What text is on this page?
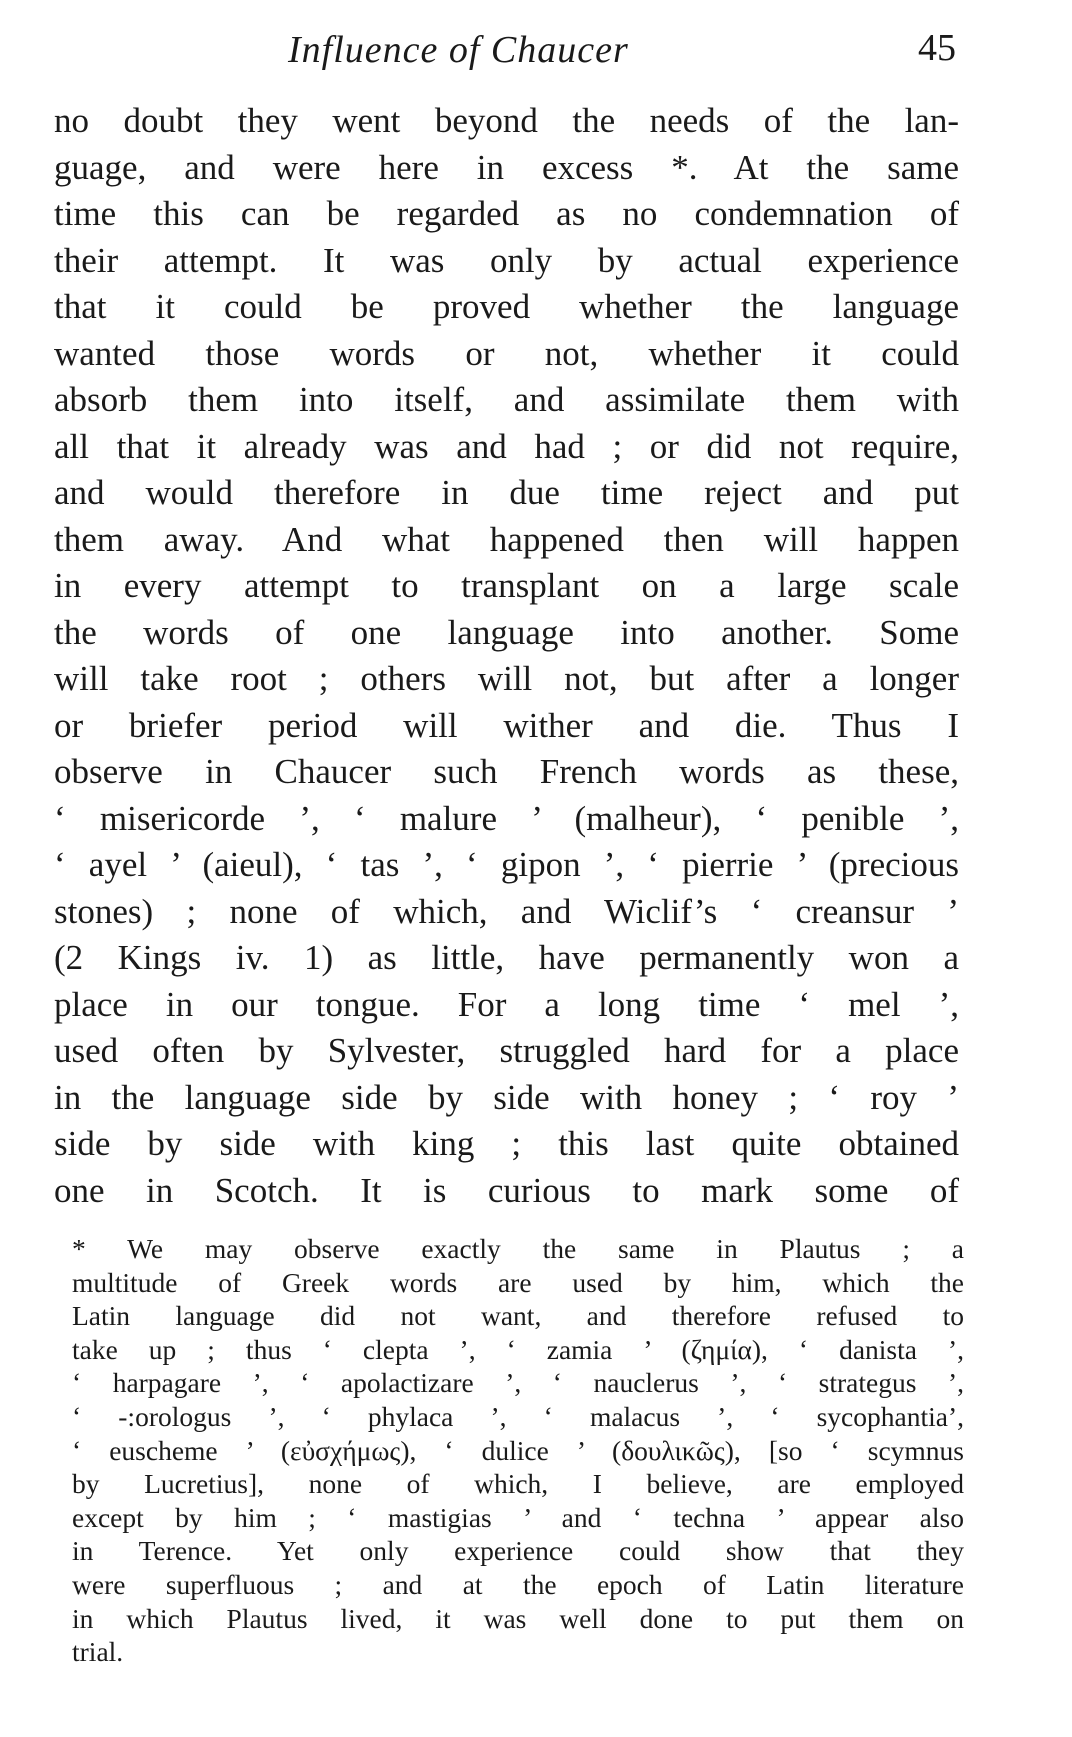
Influence of Chaucer	45
no doubt they went beyond the needs of the lan-
guage, and were here in excess *. At the same
time this can be regarded as no condemnation of
their attempt. It was only by actual experience
that it could be proved whether the language
wanted those words or not, whether it could
absorb them into itself, and assimilate them with
all that it already was and had ; or did not require,
and would therefore in due time reject and put
them away. And what happened then will happen
in every attempt to transplant on a large scale
the words of one language into another. Some
will take root ; others will not, but after a longer
or briefer period will wither and die. Thus I
observe in Chaucer such French words as these,
‘ misericorde ’, ‘ malure ’ (malheur), ‘ penible ’,
‘ ayel ’ (aieul), ‘ tas ’, ‘ gipon ’, ‘ pierrie ’ (precious
stones) ; none of which, and Wiclif’s ‘ creansur ’
(2 Kings iv. 1) as little, have permanently won a
place in our tongue. For a long time ‘ mel ’,
used often by Sylvester, struggled hard for a place
in the language side by side with honey ; ‘ roy ’
side by side with king ; this last quite obtained
one in Scotch. It is curious to mark some of
* We may observe exactly the same in Plautus ; a
multitude of Greek words are used by him, which the
Latin language did not want, and therefore refused to
take up ; thus ‘ clepta ’, ‘ zamia ’ (ζημία), ‘ danista ’,
‘ harpagare ’, ‘ apolactizare ’, ‘ nauclerus ’, ‘ strategus ’,
‘ -:orologus ’, ‘ phylaca ’, ‘ malacus ’, ‘ sycophantia’,
‘ euscheme ’ (εὐσχήμως), ‘ dulice ’ (δουλικῶς), [so ‘ scymnus
by Lucretius], none of which, I believe, are employed
except by him ; ‘ mastigias ’ and ‘ techna ’ appear also
in Terence. Yet only experience could show that they
were superfluous ; and at the epoch of Latin literature
in which Plautus lived, it was well done to put them on
trial.
